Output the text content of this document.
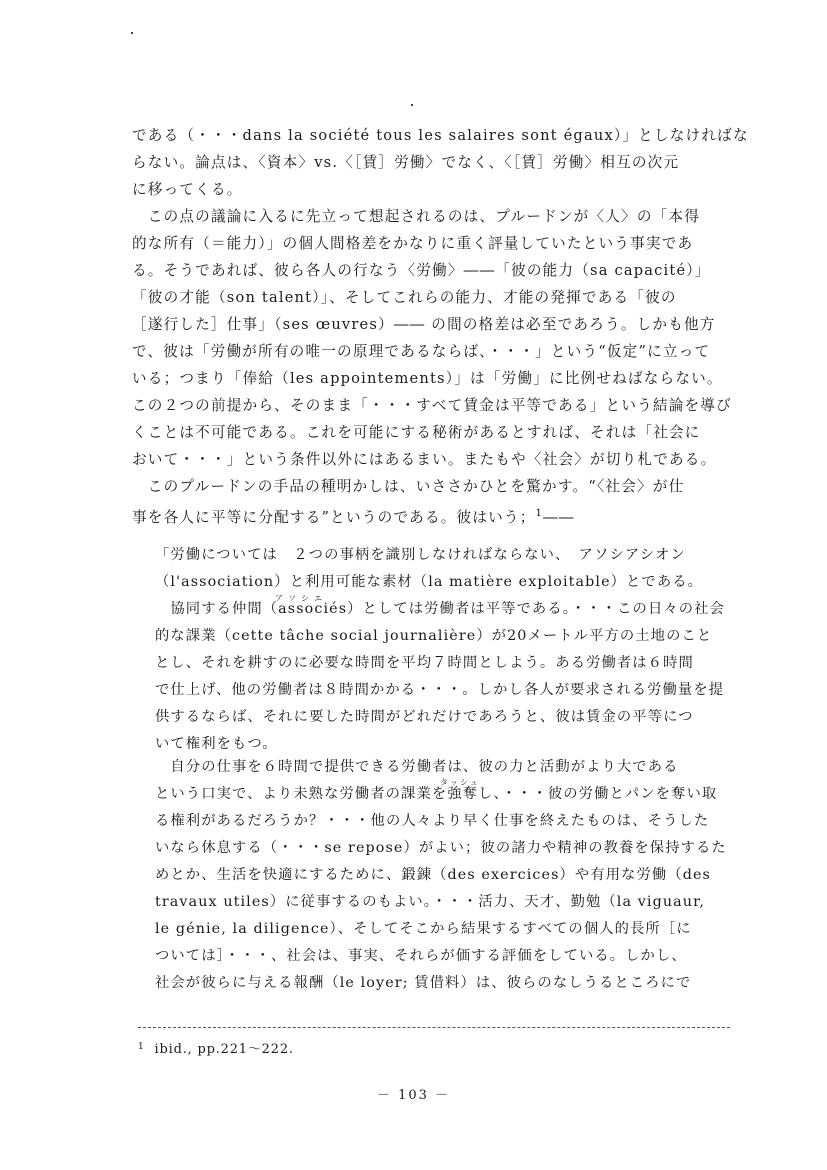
である（・・・dans la société tous les salaires sont égaux）」としなければな
らない。論点は、〈資本〉vs.〈［賃］労働〉でなく、〈［賃］労働〉相互の次元
に移ってくる。
　この点の議論に入るに先立って想起されるのは、プルードンが〈人〉の「本得
的な所有（＝能力）」の個人間格差をかなりに重く評量していたという事実であ
る。そうであれば、彼ら各人の行なう〈労働〉――「彼の能力（sa capacité）」
「彼の才能（son talent）」、そしてこれらの能力、才能の発揮である「彼の
［遂行した］仕事」（ses œuvres）―― の間の格差は必至であろう。しかも他方
で、彼は「労働が所有の唯一の原理であるならば、・・・」という“仮定”に立って
いる；つまり「俸給（les appointements）」は「労働」に比例せねばならない。
この２つの前提から、そのまま「・・・すべて賃金は平等である」という結論を導び
くことは不可能である。これを可能にする秘術があるとすれば、それは「社会に
おいて・・・」という条件以外にはあるまい。またもや〈社会〉が切り札である。
　このプルードンの手品の種明かしは、いささかひとを驚かす。“〈社会〉が仕
事を各人に平等に分配する”というのである。彼はいう；$^1$――
「労働については　２つの事柄を識別しなければならない、　アソシアシオン
（l'association）と利用可能な素材（la matière exploitable）とである。
アソシエ
　協同する仲間（associés）としては労働者は平等である。・・・この日々の社会
的な課業（cette tâche social journalière）が20メートル平方の土地のこと
とし、それを耕すのに必要な時間を平均７時間としよう。ある労働者は６時間
で仕上げ、他の労働者は８時間かかる・・・。しかし各人が要求される労働量を提
供するならば、それに要した時間がどれだけであろうと、彼は賃金の平等につ
いて権利をもつ。
　自分の仕事を６時間で提供できる労働者は、彼の力と活動がより大である
タッシュ
という口実で、より未熟な労働者の課業を強奪し、・・・彼の労働とパンを奪い取
る権利があるだろうか？・・・他の人々より早く仕事を終えたものは、そうした
いなら休息する（・・・se repose）がよい；彼の諸力や精神の教養を保持するた
めとか、生活を快適にするために、鍛錬（des exercices）や有用な労働（des
travaux utiles）に従事するのもよい。・・・活力、天才、勤勉（la viguaur,
le génie, la diligence）、そしてそこから結果するすべての個人的長所［に
ついては］・・・、社会は、事実、それらが価する評価をしている。しかし、
社会が彼らに与える報酬（le loyer; 賃借料）は、彼らのなしうるところにで
$^1$ ibid., pp.221～222.
－ 103 －
